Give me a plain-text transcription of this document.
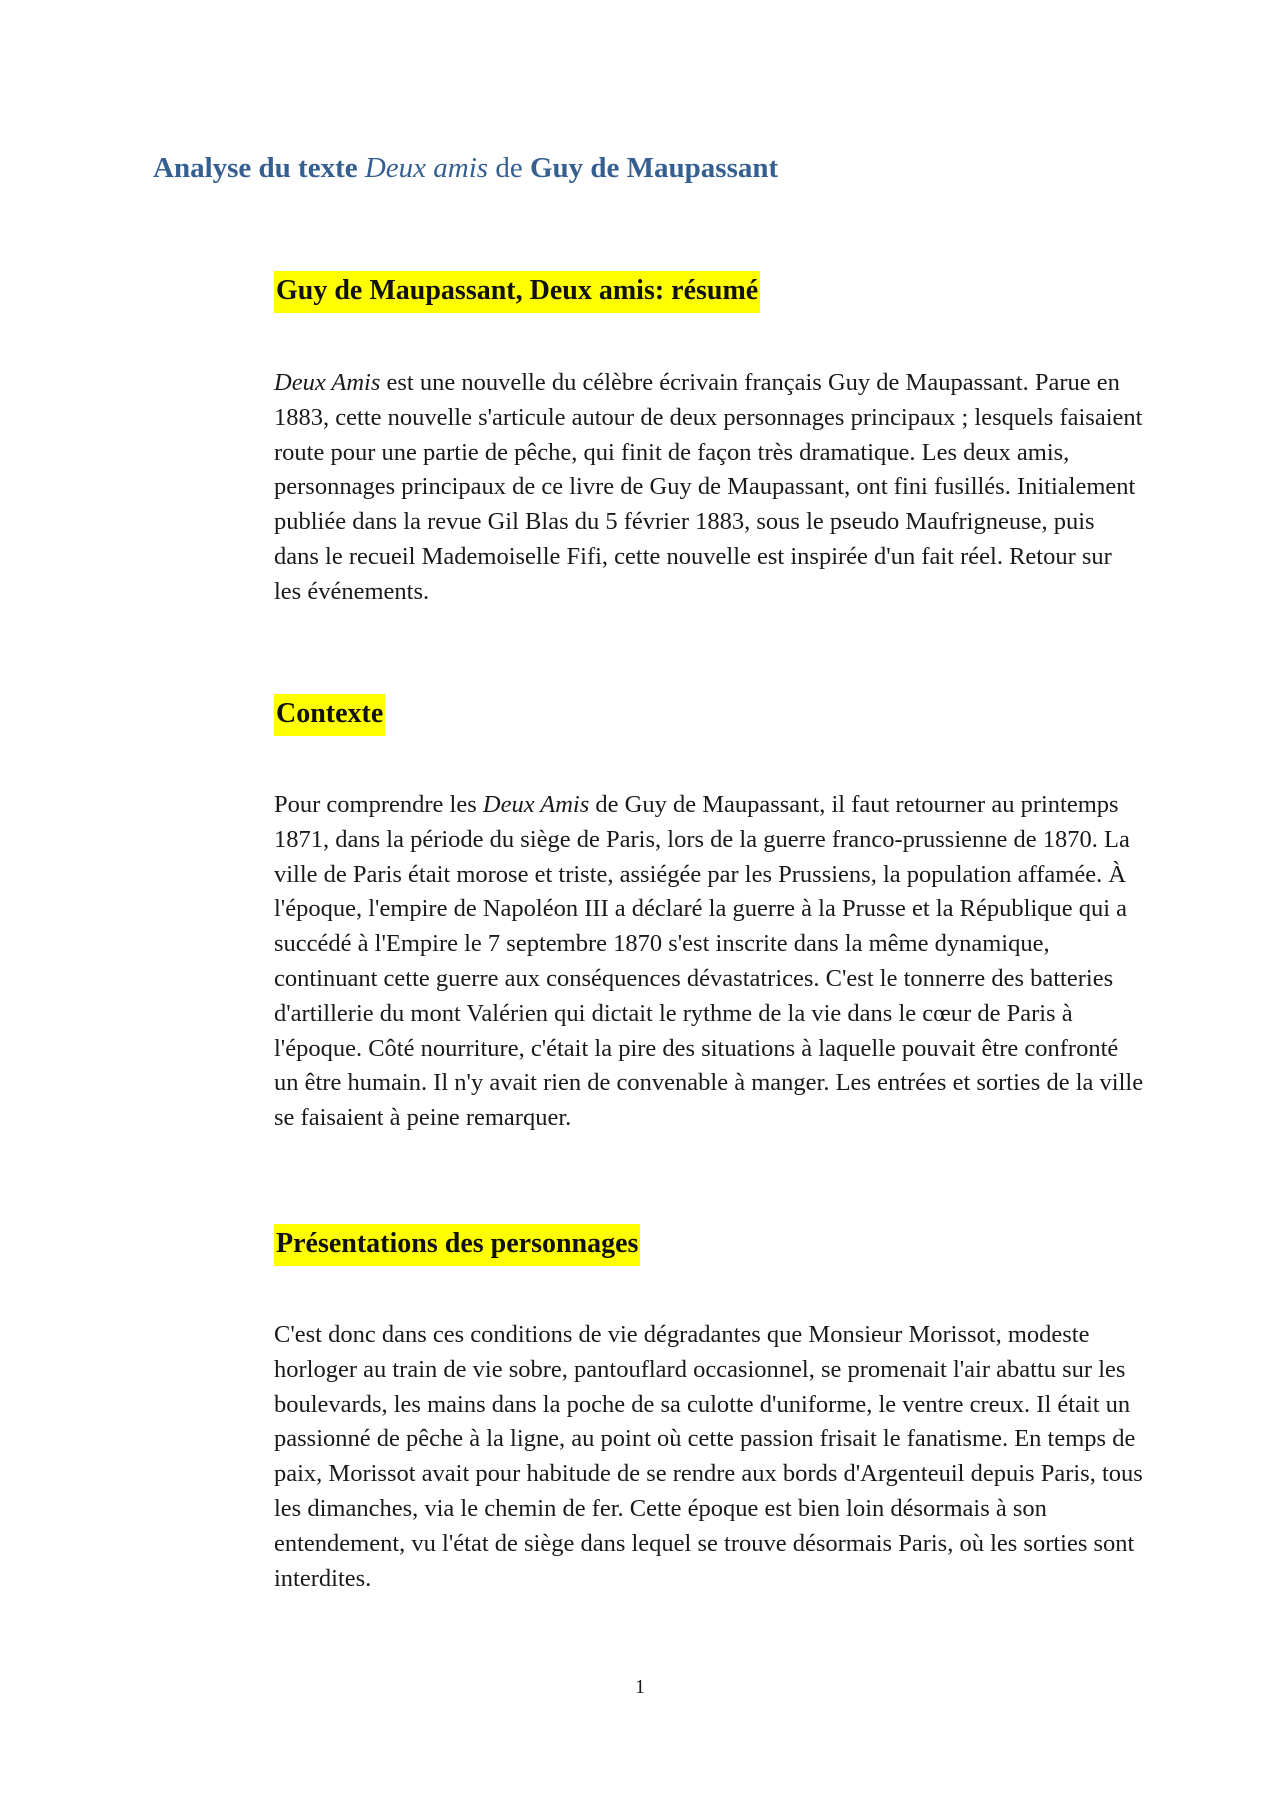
Analyse du texte Deux amis de Guy de Maupassant
Guy de Maupassant, Deux amis: résumé

Deux Amis est une nouvelle du célèbre écrivain français Guy de Maupassant. Parue en 1883, cette nouvelle s'articule autour de deux personnages principaux ; lesquels faisaient route pour une partie de pêche, qui finit de façon très dramatique. Les deux amis, personnages principaux de ce livre de Guy de Maupassant, ont fini fusillés. Initialement publiée dans la revue Gil Blas du 5 février 1883, sous le pseudo Maufrigneuse, puis dans le recueil Mademoiselle Fifi, cette nouvelle est inspirée d'un fait réel. Retour sur les événements.

Contexte

Pour comprendre les Deux Amis de Guy de Maupassant, il faut retourner au printemps 1871, dans la période du siège de Paris, lors de la guerre franco-prussienne de 1870. La ville de Paris était morose et triste, assiégée par les Prussiens, la population affamée. À l'époque, l'empire de Napoléon III a déclaré la guerre à la Prusse et la République qui a succédé à l'Empire le 7 septembre 1870 s'est inscrite dans la même dynamique, continuant cette guerre aux conséquences dévastatrices. C'est le tonnerre des batteries d'artillerie du mont Valérien qui dictait le rythme de la vie dans le cœur de Paris à l'époque. Côté nourriture, c'était la pire des situations à laquelle pouvait être confronté un être humain. Il n'y avait rien de convenable à manger. Les entrées et sorties de la ville se faisaient à peine remarquer.

Présentations des personnages

C'est donc dans ces conditions de vie dégradantes que Monsieur Morissot, modeste horloger au train de vie sobre, pantouflard occasionnel, se promenait l'air abattu sur les boulevards, les mains dans la poche de sa culotte d'uniforme, le ventre creux. Il était un passionné de pêche à la ligne, au point où cette passion frisait le fanatisme. En temps de paix, Morissot avait pour habitude de se rendre aux bords d'Argenteuil depuis Paris, tous les dimanches, via le chemin de fer. Cette époque est bien loin désormais à son entendement, vu l'état de siège dans lequel se trouve désormais Paris, où les sorties sont interdites.

1
